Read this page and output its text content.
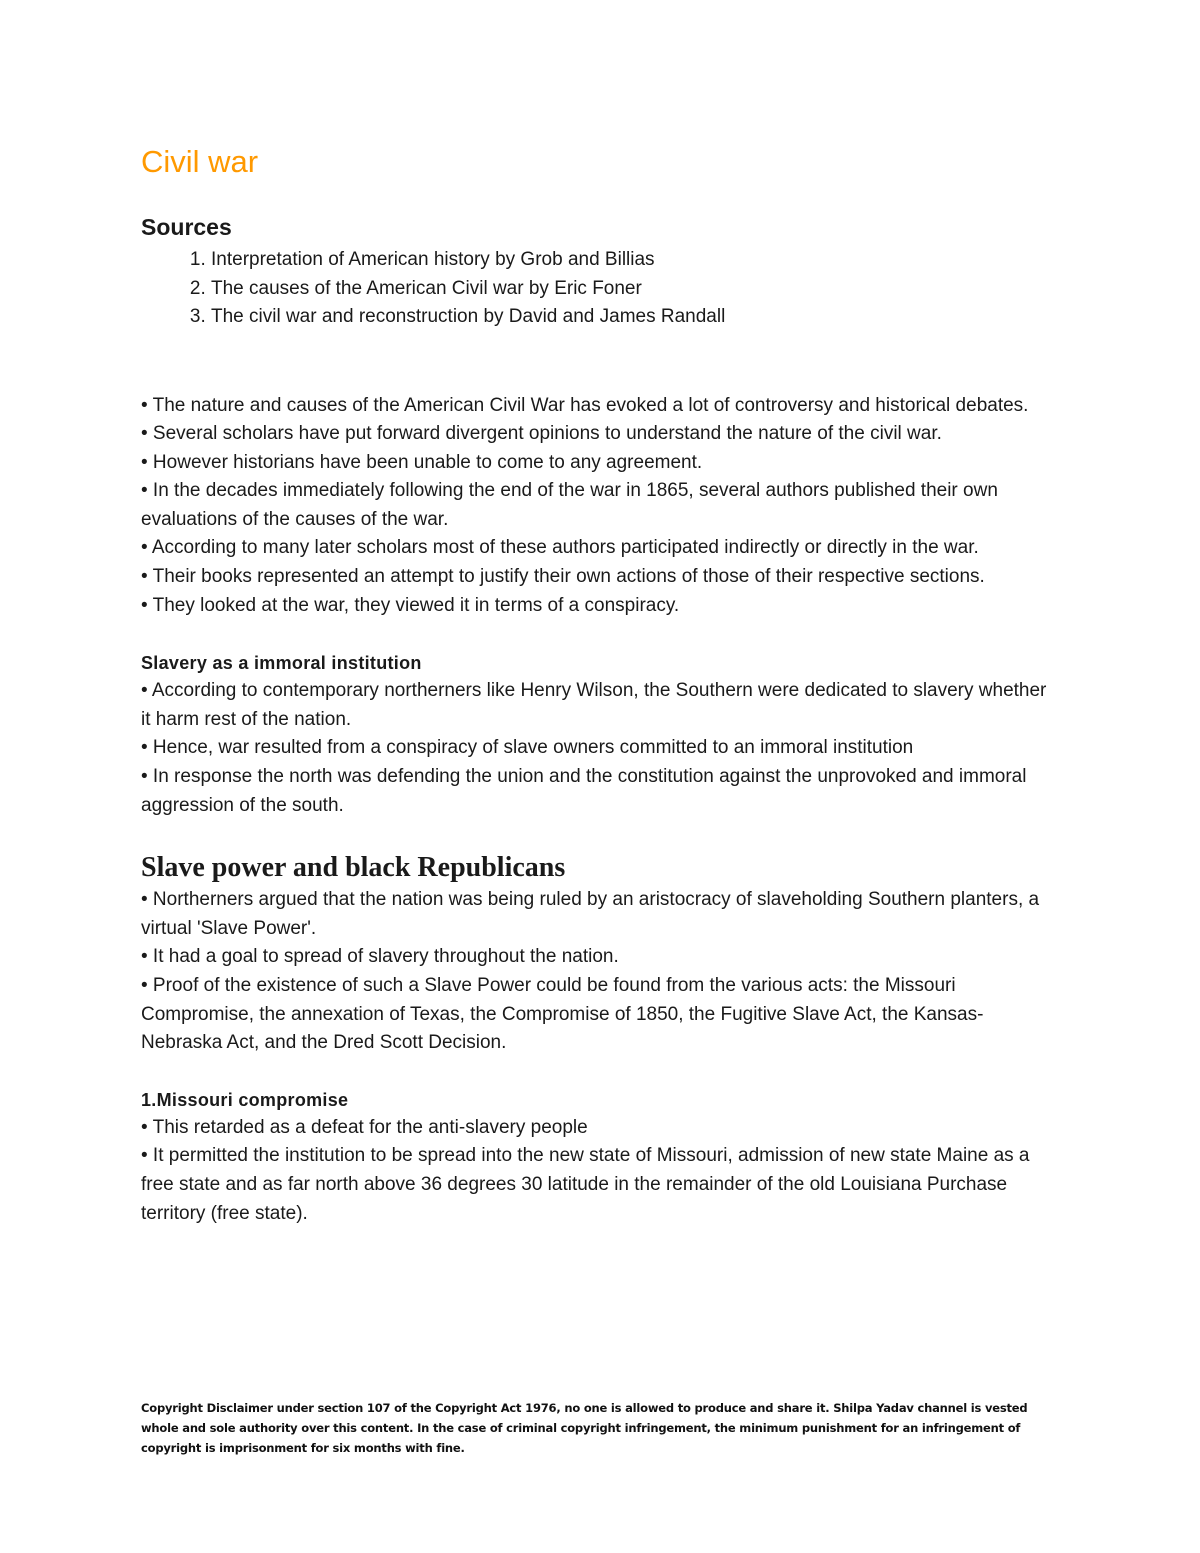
Civil war
Sources
1. Interpretation of American history by Grob and Billias
2. The causes of the American Civil war by Eric Foner
3. The civil war and reconstruction by David and James Randall

• The nature and causes of the American Civil War has evoked a lot of controversy and historical debates.

• Several scholars have put forward divergent opinions to understand the nature of the civil war.

• However historians have been unable to come to any agreement.

• In the decades immediately following the end of the war in 1865, several authors published their own evaluations of the causes of the war.

• According to many later scholars most of these authors participated indirectly or directly in the war.

• Their books represented an attempt to justify their own actions of those of their respective sections.

• They looked at the war, they viewed it in terms of a conspiracy.

Slavery as a immoral institution

• According to contemporary northerners like Henry Wilson, the Southern were dedicated to slavery whether it harm rest of the nation.

• Hence, war resulted from a conspiracy of slave owners committed to an immoral institution

• In response the north was defending the union and the constitution against the unprovoked and immoral aggression of the south.

Slave power and black Republicans

• Northerners argued that the nation was being ruled by an aristocracy of slaveholding Southern planters, a virtual 'Slave Power'.

• It had a goal to spread of slavery throughout the nation.

• Proof of the existence of such a Slave Power could be found from the various acts: the Missouri Compromise, the annexation of Texas, the Compromise of 1850, the Fugitive Slave Act, the Kansas-Nebraska Act, and the Dred Scott Decision.

1.Missouri compromise

• This retarded as a defeat for the anti-slavery people

• It permitted the institution to be spread into the new state of Missouri, admission of new state Maine as a free state and as far north above 36 degrees 30 latitude in the remainder of the old Louisiana Purchase territory (free state).

Copyright Disclaimer under section 107 of the Copyright Act 1976, no one is allowed to produce and share it. Shilpa Yadav channel is vested whole and sole authority over this content. In the case of criminal copyright infringement, the minimum punishment for an infringement of copyright is imprisonment for six months with fine.
